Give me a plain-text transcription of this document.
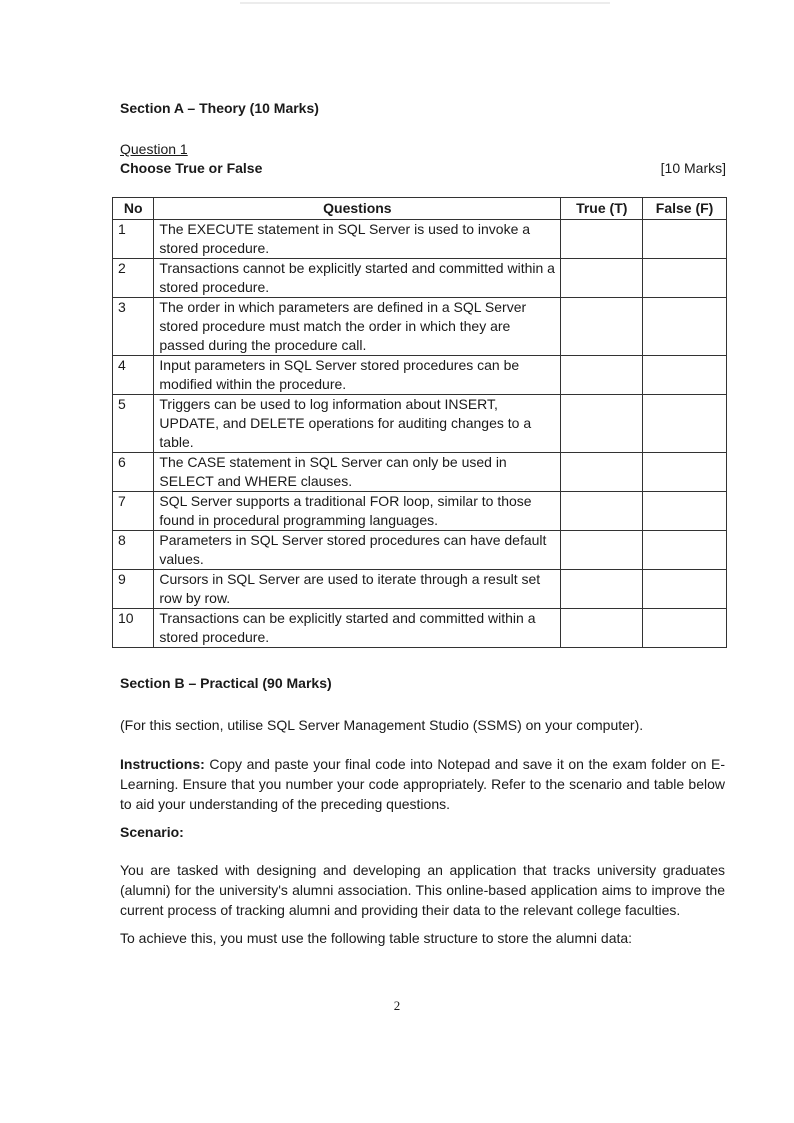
Section A – Theory (10 Marks)
Question 1
Choose True or False	[10 Marks]
No	Questions	True (T)	False (F)
1	The EXECUTE statement in SQL Server is used to invoke a stored procedure.		
2	Transactions cannot be explicitly started and committed within a stored procedure.		
3	The order in which parameters are defined in a SQL Server stored procedure must match the order in which they are passed during the procedure call.		
4	Input parameters in SQL Server stored procedures can be modified within the procedure.		
5	Triggers can be used to log information about INSERT, UPDATE, and DELETE operations for auditing changes to a table.		
6	The CASE statement in SQL Server can only be used in SELECT and WHERE clauses.		
7	SQL Server supports a traditional FOR loop, similar to those found in procedural programming languages.		
8	Parameters in SQL Server stored procedures can have default values.		
9	Cursors in SQL Server are used to iterate through a result set row by row.		
10	Transactions can be explicitly started and committed within a stored procedure.		
Section B – Practical (90 Marks)
(For this section, utilise SQL Server Management Studio (SSMS) on your computer).
Instructions: Copy and paste your final code into Notepad and save it on the exam folder on E-Learning. Ensure that you number your code appropriately. Refer to the scenario and table below to aid your understanding of the preceding questions.
Scenario:
You are tasked with designing and developing an application that tracks university graduates (alumni) for the university's alumni association. This online-based application aims to improve the current process of tracking alumni and providing their data to the relevant college faculties.
To achieve this, you must use the following table structure to store the alumni data:
2
